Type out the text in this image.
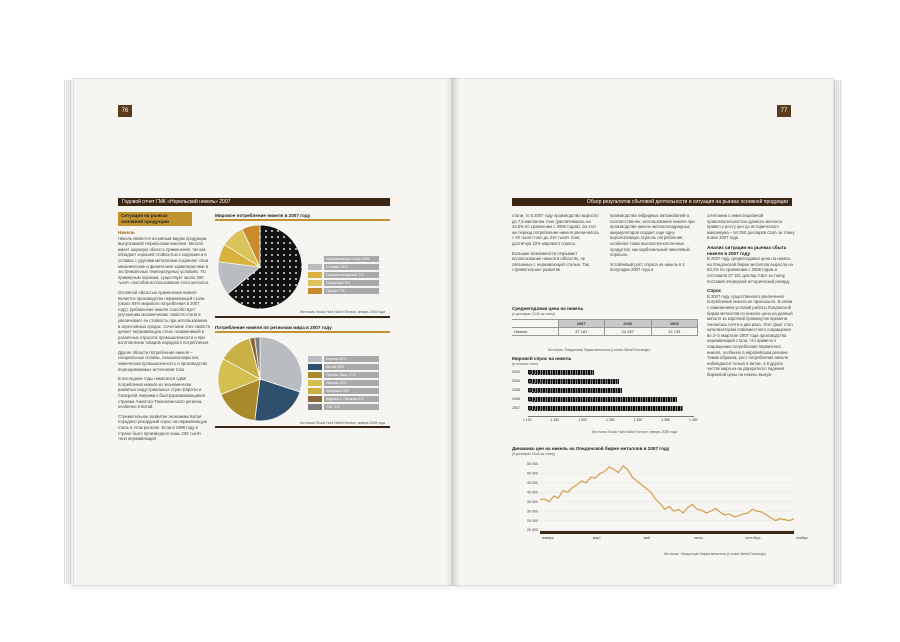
76
Годовой отчет ГМК «Норильский никель» 2007
Ситуация на рынках основной продукции
Никель

Никель является основным видом продукции, выпускаемой Норильским никелем. Металл имеет широкую область применения, так как обладает хорошей стойкостью к коррозии и в сплавах с другими металлами сохраняет свои механические и физические характеристики в экстремальных температурных условиях. По примерным оценкам, существует около 300 тысяч способов использования этого металла.

Основной областью применения никеля является производство нержавеющей стали (около 64% мирового потребления в 2007 году). Добавление никеля способствует улучшению механических свойств стали и увеличивает ее стойкость при использовании в агрессивных средах. Сочетание этих свойств делает нержавеющую сталь незаменимой в различных отраслях промышленности и при изготовлении товаров народного потребления.

Другие области потребления никеля – специальные сплавы, гальванопокрытия, химическая промышленность и производство перезаряжаемых источников тока.

В последние годы наметился сдвиг потребления никеля из экономически развитых индустриальных стран Европы и Северной Америки к быстроразвивающимся странам Азиатско-Тихоокеанского региона, особенно в Китай.

Стремительное развитие экономики Китая породило рекордный спрос на нержавеющую сталь в этом регионе. Если в 1999 году в стране было произведено лишь 200 тысяч тонн нержавеющей

Мировое потребление никеля в 2007 году
Нержавеющая сталь 64%
Сплавы 13%
Гальванопокрытия 7%
Спецсталь 9%
Прочее 7%
Источник: Brook Hunt Nickel Service, январь 2008 года
Потребление никеля по регионам мира в 2007 году
Европа 30%
Китай 22%
Прочая Азия 17%
Япония 14%
Америка 13%
Африка и Океания 2%
СНГ 2%
Источник: Brook Hunt Nickel Service, январь 2008 года
77
Обзор результатов сбытовой деятельности и ситуация на рынках основной продукции

стали, то в 2007 году производство выросло до 7,5 миллиона тонн (увеличившись на 42,5% по сравнению с 2006 годом). За этот же период потребление никеля увеличилось с 40 тысяч тонн до 310 тысяч тонн, достигнув 22% мирового спроса.

Большие возможности открывает использование никеля в областях, не связанных с нержавеющей сталью. Так, стремительное развитие

производства гибридных автомобилей и, соответственно, использование никеля при производстве никель-металлогидридных аккумуляторов создает еще одну перспективную отрасль потребления, особенно таких высокотехнологичных продуктов, как карбонильный никелевый порошок.

Устойчивый рост спроса на никель в 1 полугодии 2007 года в

сочетании с инвестиционной привлекательностью данного металла привел к росту цен до исторического максимума – 54 050 долларов США за тонну в мае 2007 года.

Анализ ситуации на рынках сбыта никеля в 2007 году

В 2007 году среднегодовая цена на никель на Лондонской бирже металлов выросла на 53,1% по сравнению с 2006 годом и составила 37 181 доллар США за тонну, поставив очередной исторический рекорд.

Спрос

В 2007 году существенного увеличения потребления никеля не произошло. В связи с изменением условий работы Лондонской биржи металлов по никелю цена на данный металл за короткий промежуток времени снизилась почти в два раза. Этот факт стал катализатором повсеместного сокращения во 2–3 квартале 2007 года производства нержавеющей стали, что привело к сокращению потребления первичного никеля, особенно в европейском регионе. Таким образом, рост потребления никеля наблюдался только в Китае, а в других частях мира из-за двукратного падения биржевой цены на никель вынуж-

Среднегодовая цена на никель
(в долларах США за тонну)
	2007	2006	2005
Никель	37 181	24 287	14 733
Источник: Лондонская биржа металлов (London Metal Exchange)
Мировой спрос на никель
(в тысячах тонн)
2003
2004
2005
2006
2007
1 100	1 150	1 200	1 250	1 300	1 350	1 400
Источник: Brook Hunt Nickel Service, январь 2008 года
Динамика цен на никель на Лондонской бирже металлов в 2007 году
(в долларах США за тонну)
55 000
50 000
45 000
40 000
35 000
30 000
25 000
20 000
январь	март	май	июль	сентябрь	ноябрь
Источник: Лондонская биржа металлов (London Metal Exchange)
